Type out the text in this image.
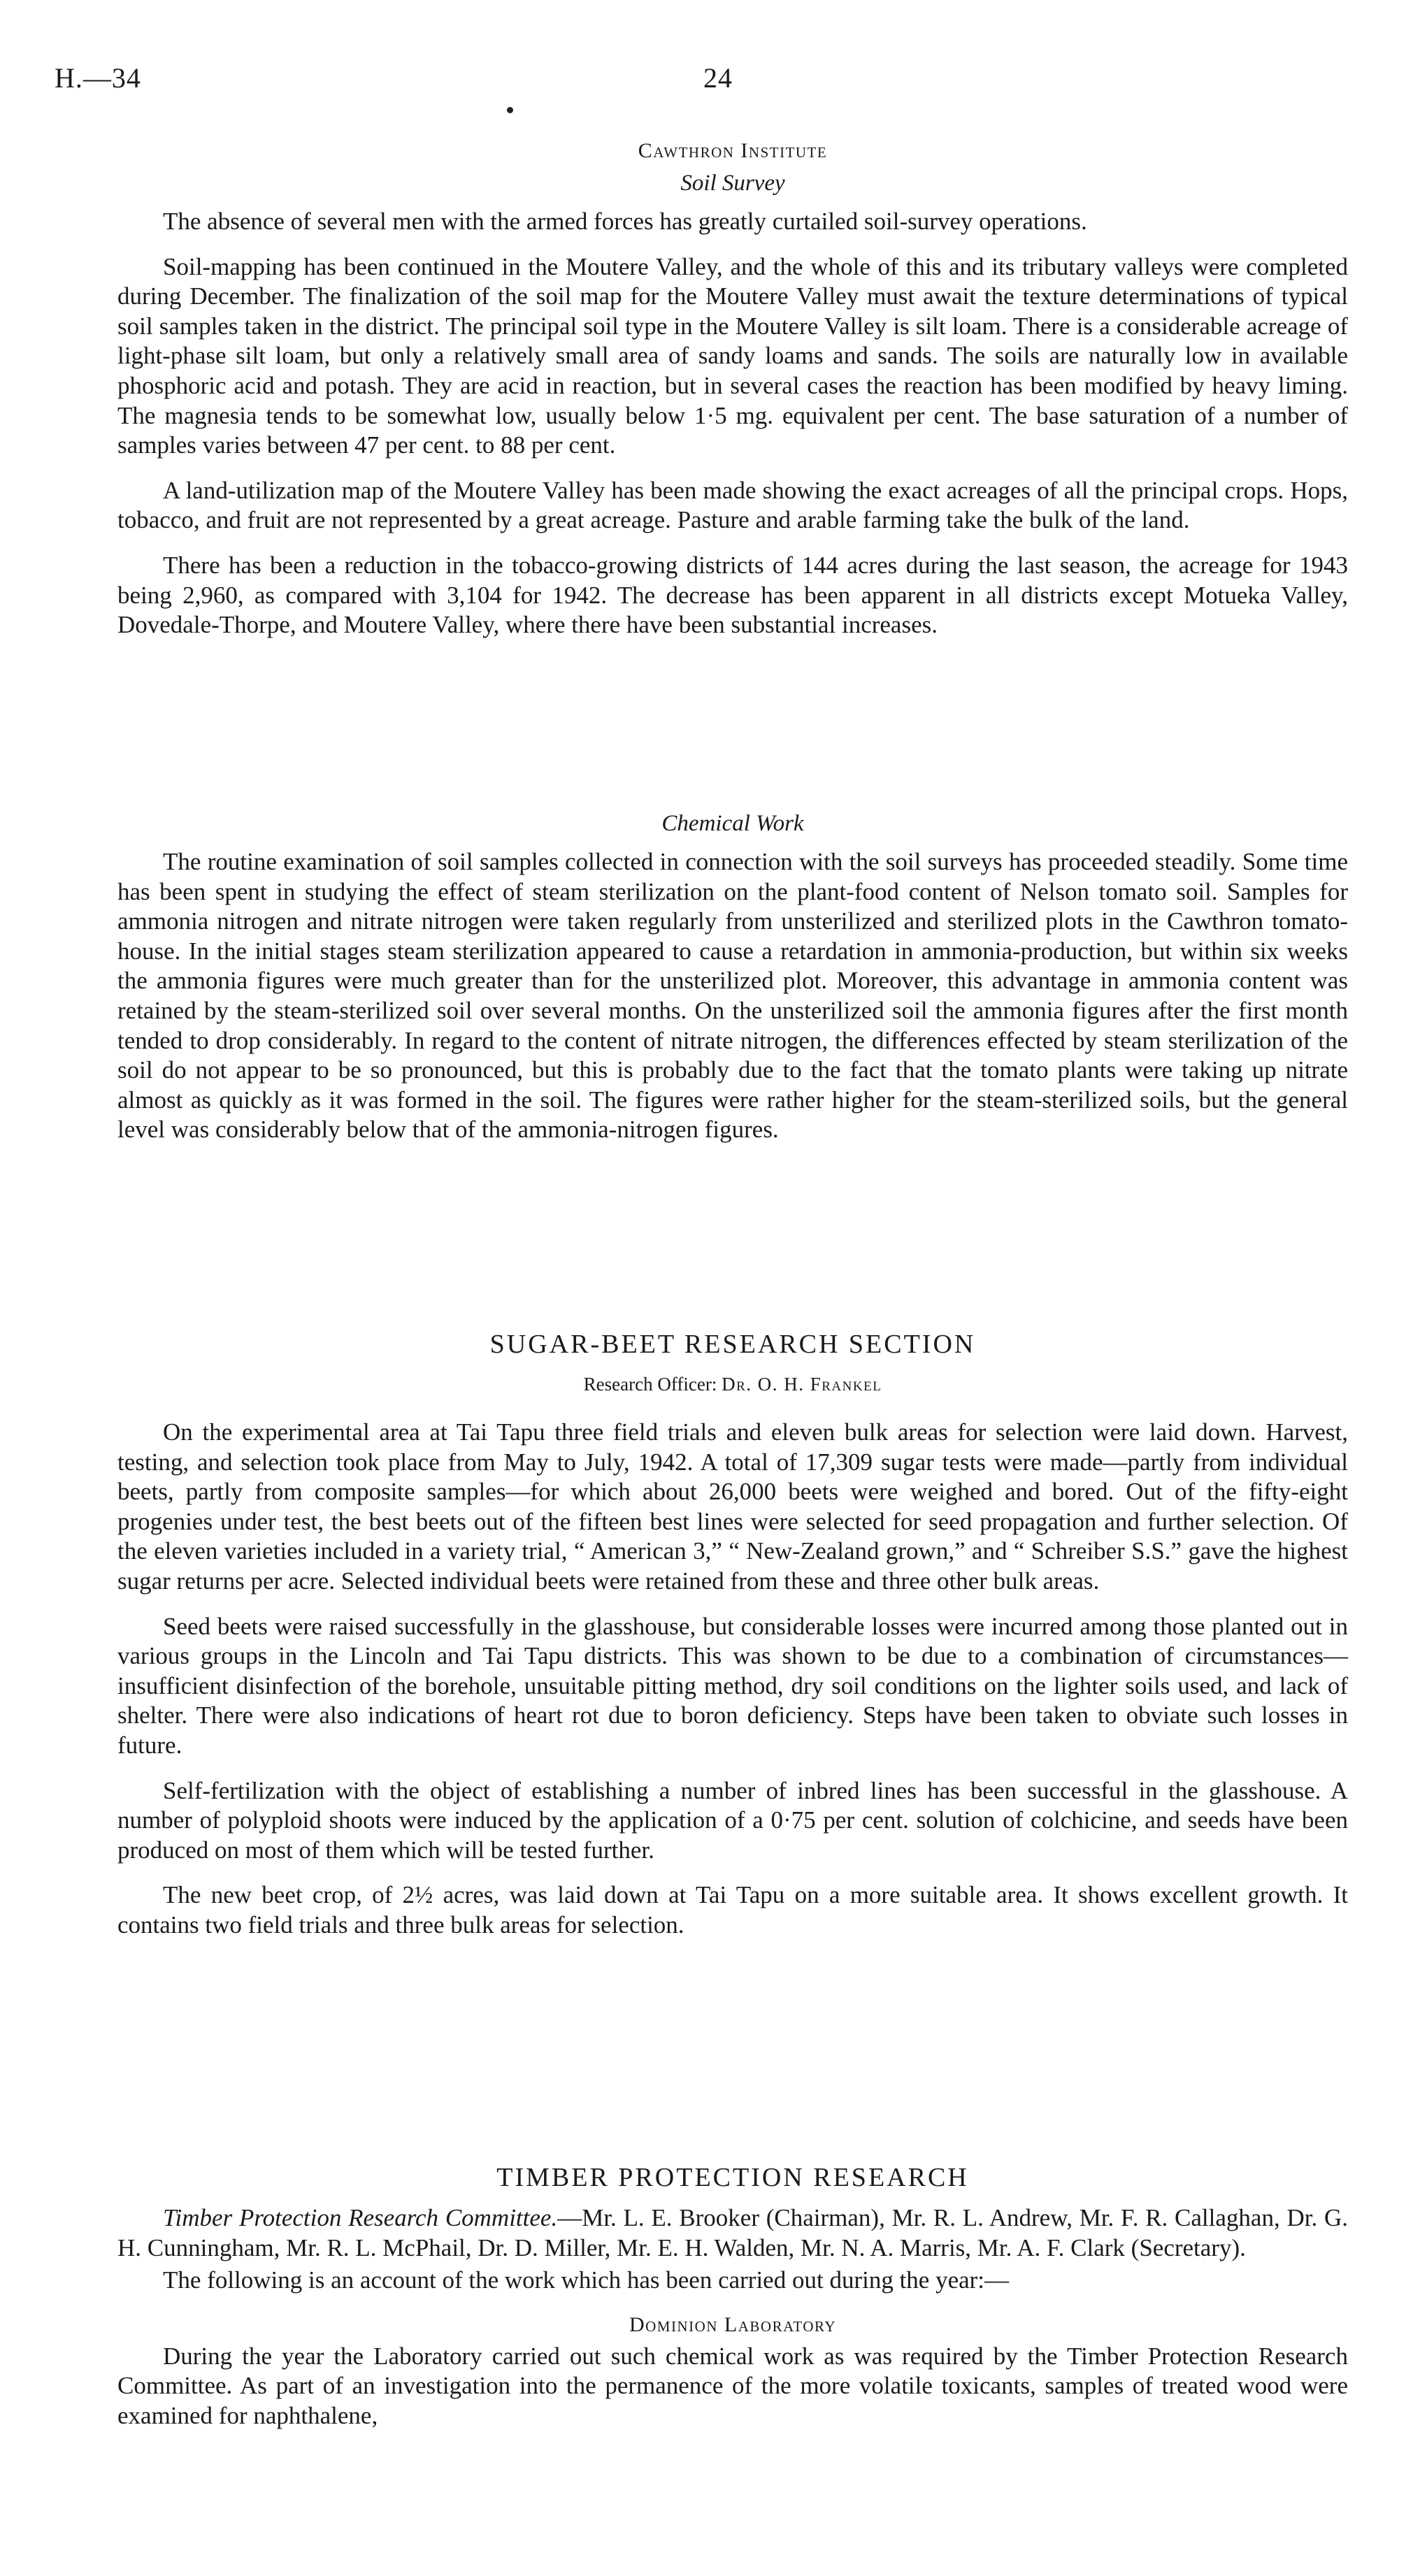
H.—34	24

Cawthron Institute

Soil Survey

The absence of several men with the armed forces has greatly curtailed soil-survey operations.

Soil-mapping has been continued in the Moutere Valley, and the whole of this and its tributary valleys were completed during December. The finalization of the soil map for the Moutere Valley must await the texture determinations of typical soil samples taken in the district. The principal soil type in the Moutere Valley is silt loam. There is a considerable acreage of light-phase silt loam, but only a relatively small area of sandy loams and sands. The soils are naturally low in available phosphoric acid and potash. They are acid in reaction, but in several cases the reaction has been modified by heavy liming. The magnesia tends to be somewhat low, usually below 1·5 mg. equivalent per cent. The base saturation of a number of samples varies between 47 per cent. to 88 per cent.

A land-utilization map of the Moutere Valley has been made showing the exact acreages of all the principal crops. Hops, tobacco, and fruit are not represented by a great acreage. Pasture and arable farming take the bulk of the land.

There has been a reduction in the tobacco-growing districts of 144 acres during the last season, the acreage for 1943 being 2,960, as compared with 3,104 for 1942. The decrease has been apparent in all districts except Motueka Valley, Dovedale-Thorpe, and Moutere Valley, where there have been substantial increases.

Chemical Work

The routine examination of soil samples collected in connection with the soil surveys has proceeded steadily. Some time has been spent in studying the effect of steam sterilization on the plant-food content of Nelson tomato soil. Samples for ammonia nitrogen and nitrate nitrogen were taken regularly from unsterilized and sterilized plots in the Cawthron tomato-house. In the initial stages steam sterilization appeared to cause a retardation in ammonia-production, but within six weeks the ammonia figures were much greater than for the unsterilized plot. Moreover, this advantage in ammonia content was retained by the steam-sterilized soil over several months. On the unsterilized soil the ammonia figures after the first month tended to drop considerably. In regard to the content of nitrate nitrogen, the differences effected by steam sterilization of the soil do not appear to be so pronounced, but this is probably due to the fact that the tomato plants were taking up nitrate almost as quickly as it was formed in the soil. The figures were rather higher for the steam-sterilized soils, but the general level was considerably below that of the ammonia-nitrogen figures.

SUGAR-BEET RESEARCH SECTION

Research Officer: Dr. O. H. Frankel

On the experimental area at Tai Tapu three field trials and eleven bulk areas for selection were laid down. Harvest, testing, and selection took place from May to July, 1942. A total of 17,309 sugar tests were made—partly from individual beets, partly from composite samples—for which about 26,000 beets were weighed and bored. Out of the fifty-eight progenies under test, the best beets out of the fifteen best lines were selected for seed propagation and further selection. Of the eleven varieties included in a variety trial, “ American 3,” “ New-Zealand grown,” and “ Schreiber S.S.” gave the highest sugar returns per acre. Selected individual beets were retained from these and three other bulk areas.

Seed beets were raised successfully in the glasshouse, but considerable losses were incurred among those planted out in various groups in the Lincoln and Tai Tapu districts. This was shown to be due to a combination of circumstances—insufficient disinfection of the borehole, unsuitable pitting method, dry soil conditions on the lighter soils used, and lack of shelter. There were also indications of heart rot due to boron deficiency. Steps have been taken to obviate such losses in future.

Self-fertilization with the object of establishing a number of inbred lines has been successful in the glasshouse. A number of polyploid shoots were induced by the application of a 0·75 per cent. solution of colchicine, and seeds have been produced on most of them which will be tested further.

The new beet crop, of 2½ acres, was laid down at Tai Tapu on a more suitable area. It shows excellent growth. It contains two field trials and three bulk areas for selection.

TIMBER PROTECTION RESEARCH

Timber Protection Research Committee.—Mr. L. E. Brooker (Chairman), Mr. R. L. Andrew, Mr. F. R. Callaghan, Dr. G. H. Cunningham, Mr. R. L. McPhail, Dr. D. Miller, Mr. E. H. Walden, Mr. N. A. Marris, Mr. A. F. Clark (Secretary).

The following is an account of the work which has been carried out during the year:—

Dominion Laboratory

During the year the Laboratory carried out such chemical work as was required by the Timber Protection Research Committee. As part of an investigation into the permanence of the more volatile toxicants, samples of treated wood were examined for naphthalene,
